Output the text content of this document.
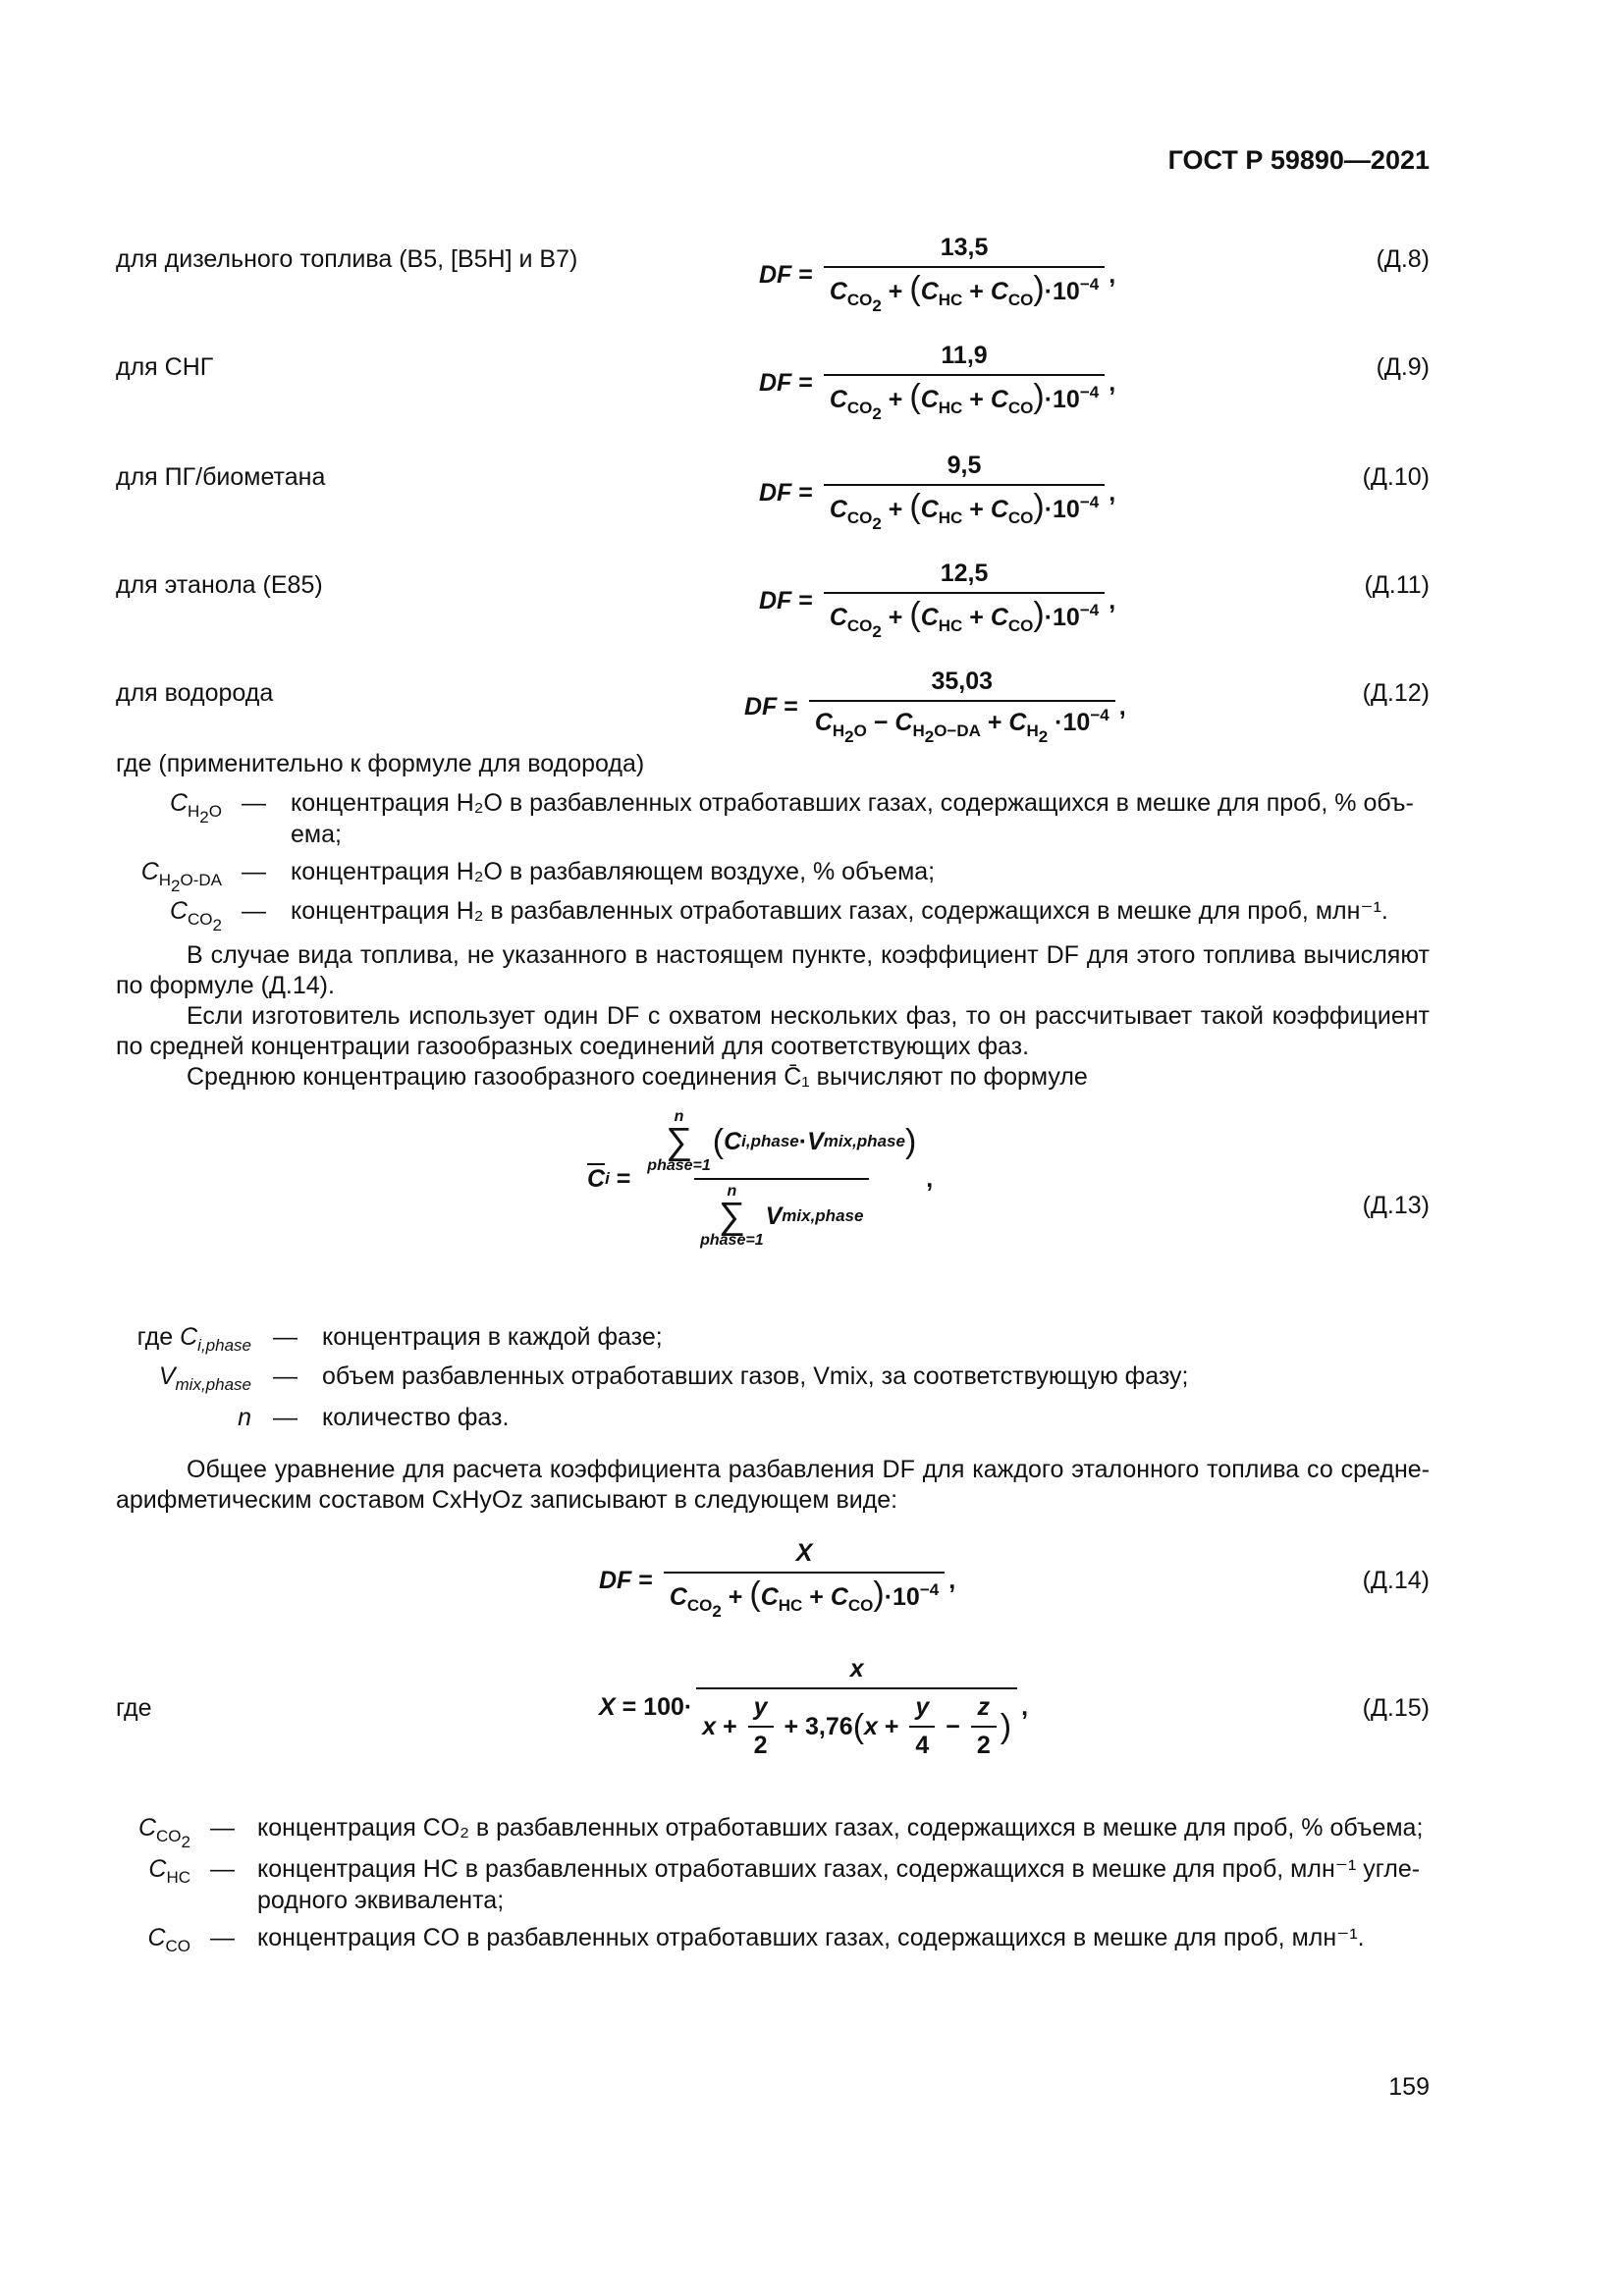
ГОСТ Р 59890—2021
для дизельного топлива (B5, [B5H] и B7)
DF = $\frac{13,5}{C_{CO2} + (C_{HC} + C_{CO})\cdot 10^{-4}}$ ,
(Д.8)
для СНГ
DF = $\frac{11,9}{C_{CO2} + (C_{HC} + C_{CO})\cdot 10^{-4}}$ ,
(Д.9)
для ПГ/биометана
DF = $\frac{9,5}{C_{CO2} + (C_{HC} + C_{CO})\cdot 10^{-4}}$ ,
(Д.10)
для этанола (E85)
DF = $\frac{12,5}{C_{CO2} + (C_{HC} + C_{CO})\cdot 10^{-4}}$ ,
(Д.11)
для водорода	DF = $\frac{35,03}{C_{H2O} - C_{H2O-DA} + C_{H2} \cdot 10^{-4}}$ ,	(Д.12)
где (применительно к формуле для водорода)
$C_{H2O}$ — концентрация H₂O в разбавленных отработавших газах, содержащихся в мешке для проб, % объ-ема;
$C_{H2O-DA}$ — концентрация H₂O в разбавляющем воздухе, % объема;
$C_{CO2}$
— концентрация H₂ в разбавленных отработавших газах, содержащихся в мешке для проб, млн⁻¹.
В случае вида топлива, не указанного в настоящем пункте, коэффициент DF для этого топлива вычисляют по формуле (Д.14).
Если изготовитель использует один DF с охватом нескольких фаз, то он рассчитывает такой коэффициент по средней концентрации газообразных соединений для соответствующих фаз.
Среднюю концентрацию газообразного соединения C̄₁ вычисляют по формуле
$\overline{C}$ i = n
∑
phase=1
( C i,phase · V mix,phase )
n
∑
phase=1
V mix,phase ,
(Д.13)
где $C_{i,phase}$ — концентрация в каждой фазе;
$V_{mix,phase}$ — объем разбавленных отработавших газов, Vmix, за соответствующую фазу;
n — количество фаз.
Общее уравнение для расчета коэффициента разбавления DF для каждого эталонного топлива со средне-арифметическим составом CxHyOz записывают в следующем виде:
DF = $\frac{X}{C_{CO2} + (C_{HC} + C_{CO})\cdot 10^{-4}}$ ,	(Д.14)
где	$X = 100\cdot \frac{x}{x + \frac{y}{2} + 3,76 ( x + \frac{y}{4} - \frac{z}{2} )}$ ,	(Д.15)
$C_{CO2}$
— концентрация CO₂ в разбавленных отработавших газах, содержащихся в мешке для проб, % объема;
$C_{HC}$ — концентрация HC в разбавленных отработавших газах, содержащихся в мешке для проб, млн⁻¹ угле-родного эквивалента;
$C_{CO}$ — концентрация CO в разбавленных отработавших газах, содержащихся в мешке для проб, млн⁻¹.
159
